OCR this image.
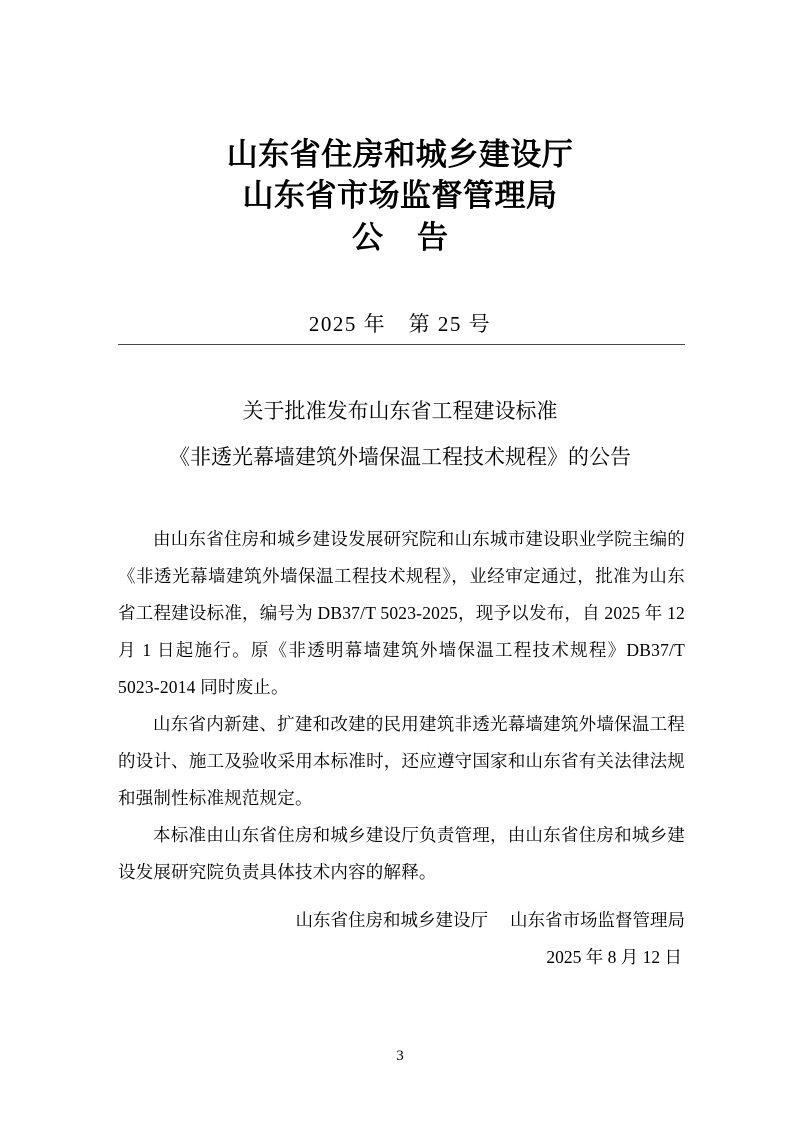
山东省住房和城乡建设厅
山东省市场监督管理局
公告
2025 年　第 25 号
关于批准发布山东省工程建设标准
《非透光幕墙建筑外墙保温工程技术规程》的公告

由山东省住房和城乡建设发展研究院和山东城市建设职业学院主编的《非透光幕墙建筑外墙保温工程技术规程》，业经审定通过，批准为山东省工程建设标准，编号为 DB37/T 5023-2025，现予以发布，自 2025 年 12 月 1 日起施行。原《非透明幕墙建筑外墙保温工程技术规程》DB37/T 5023-2014 同时废止。

山东省内新建、扩建和改建的民用建筑非透光幕墙建筑外墙保温工程的设计、施工及验收采用本标准时，还应遵守国家和山东省有关法律法规和强制性标准规范规定。

本标准由山东省住房和城乡建设厅负责管理，由山东省住房和城乡建设发展研究院负责具体技术内容的解释。

山东省住房和城乡建设厅 山东省市场监督管理局
2025 年 8 月 12 日
3
